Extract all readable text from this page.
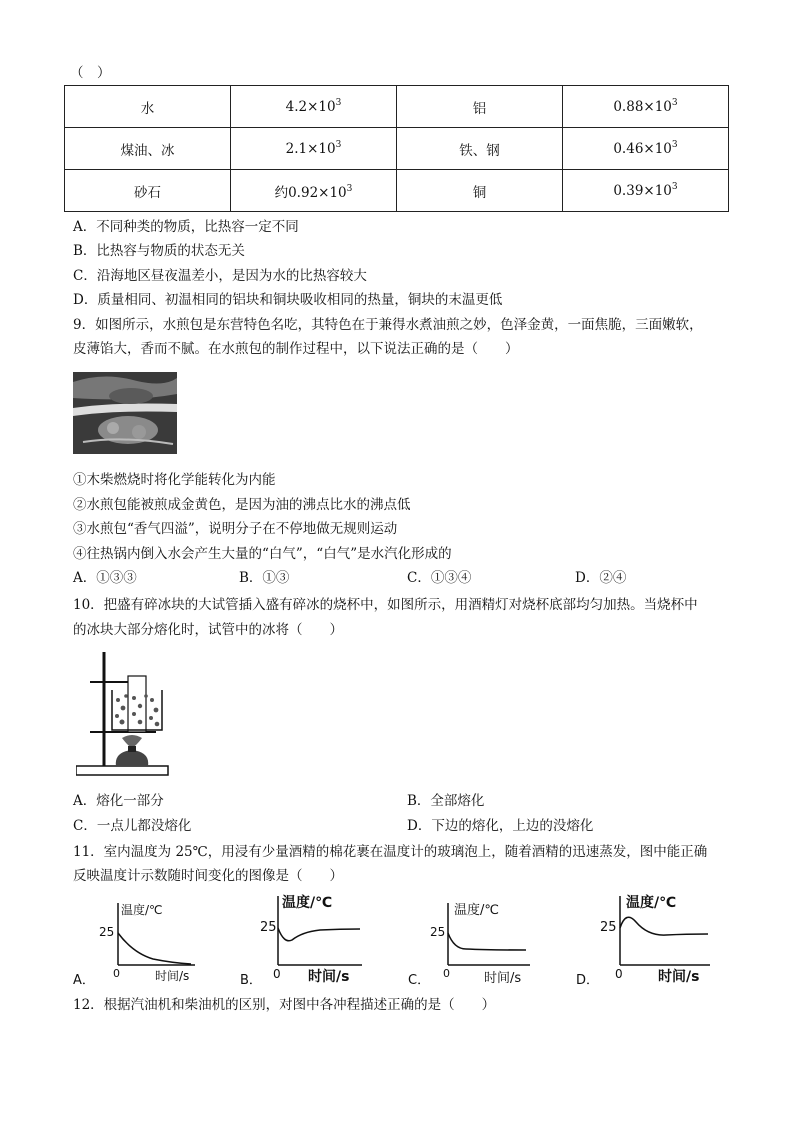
（　）
水	$4.2\times 10^3$	铝	$0.88\times 10^3$
煤油、冰	$2.1\times 10^3$	铁、钢	$0.46\times 10^3$
砂石	约$0.92\times 10^3$	铜	$0.39\times 10^3$
A．不同种类的物质，比热容一定不同
B．比热容与物质的状态无关
C．沿海地区昼夜温差小，是因为水的比热容较大
D．质量相同、初温相同的铝块和铜块吸收相同的热量，铜块的末温更低
9．如图所示，水煎包是东营特色名吃，其特色在于兼得水煮油煎之妙，色泽金黄，一面焦脆，三面嫩软，
皮薄馅大，香而不腻。在水煎包的制作过程中，以下说法正确的是（　　）
①木柴燃烧时将化学能转化为内能
②水煎包能被煎成金黄色，是因为油的沸点比水的沸点低
③水煎包“香气四溢”，说明分子在不停地做无规则运动
④往热锅内倒入水会产生大量的“白气”，“白气”是水汽化形成的
A．①③③	B．①③	C．①③④	D．②④
10．把盛有碎冰块的大试管插入盛有碎冰的烧杯中，如图所示，用酒精灯对烧杯底部均匀加热。当烧杯中
的冰块大部分熔化时，试管中的冰将（　　）
A．熔化一部分	B．全部熔化
C．一点儿都没熔化	D．下边的熔化，上边的没熔化
11．室内温度为 25℃，用浸有少量酒精的棉花裹在温度计的玻璃泡上，随着酒精的迅速蒸发，图中能正确
反映温度计示数随时间变化的图像是（　　）
A．
温度/℃
25
0	时间/s	B．
温度/℃
25
0 时间/s	C．
温度/℃
25
0	时间/s	D．
温度/℃
25
0	时间/s
12．根据汽油机和柴油机的区别，对图中各冲程描述正确的是（　　）
